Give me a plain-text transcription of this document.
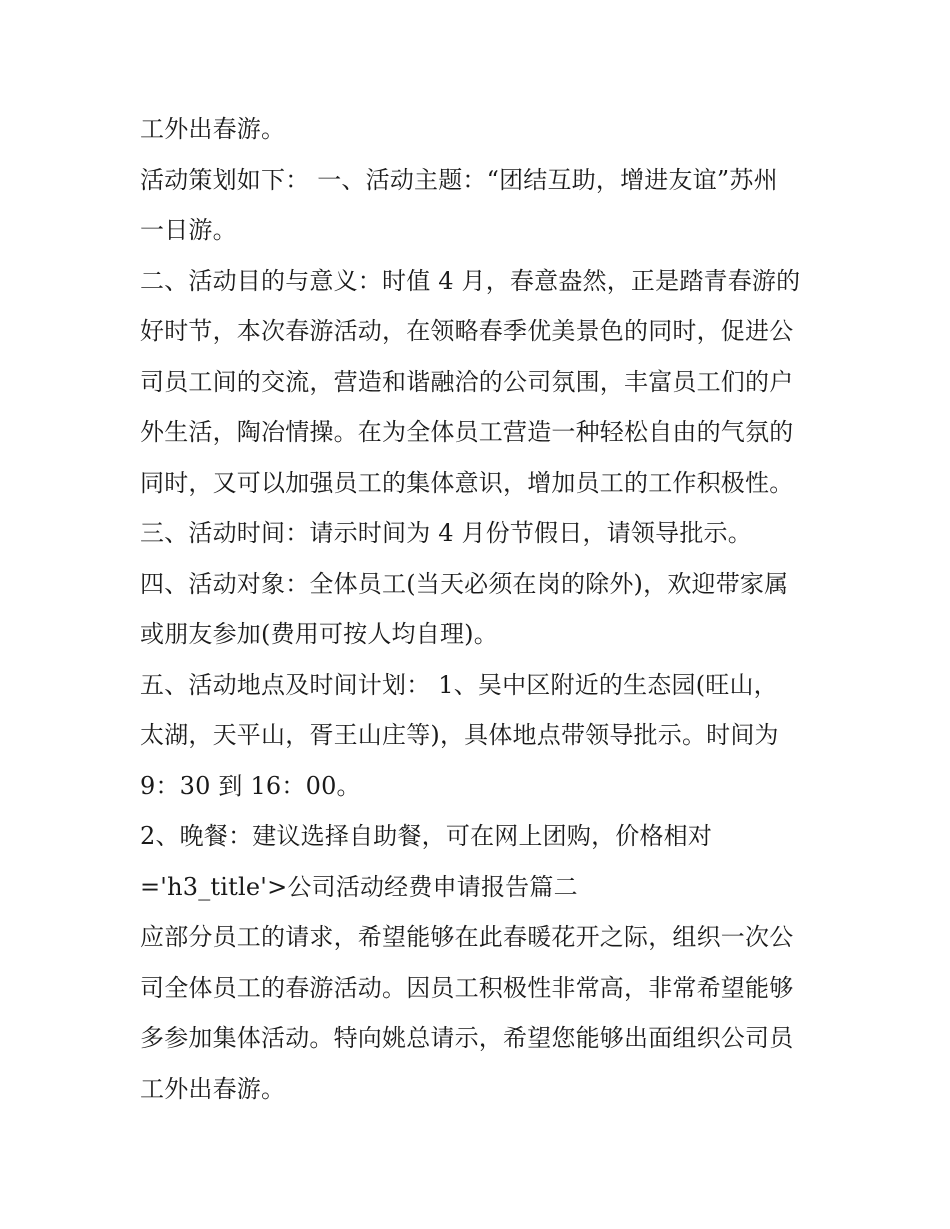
工外出春游。
活动策划如下： 一、活动主题：“团结互助，增进友谊”苏州
一日游。
二、活动目的与意义：时值 4 月，春意盎然，正是踏青春游的
好时节，本次春游活动，在领略春季优美景色的同时，促进公
司员工间的交流，营造和谐融洽的公司氛围，丰富员工们的户
外生活，陶冶情操。在为全体员工营造一种轻松自由的气氛的
同时，又可以加强员工的集体意识，增加员工的工作积极性。
三、活动时间：请示时间为 4 月份节假日，请领导批示。
四、活动对象：全体员工(当天必须在岗的除外)，欢迎带家属
或朋友参加(费用可按人均自理)。
五、活动地点及时间计划： 1、吴中区附近的生态园(旺山，
太湖，天平山，胥王山庄等)，具体地点带领导批示。时间为
9：30 到 16：00。
2、晚餐：建议选择自助餐，可在网上团购，价格相对
='h3_title'>公司活动经费申请报告篇二
应部分员工的请求，希望能够在此春暖花开之际，组织一次公
司全体员工的春游活动。因员工积极性非常高，非常希望能够
多参加集体活动。特向姚总请示，希望您能够出面组织公司员
工外出春游。
